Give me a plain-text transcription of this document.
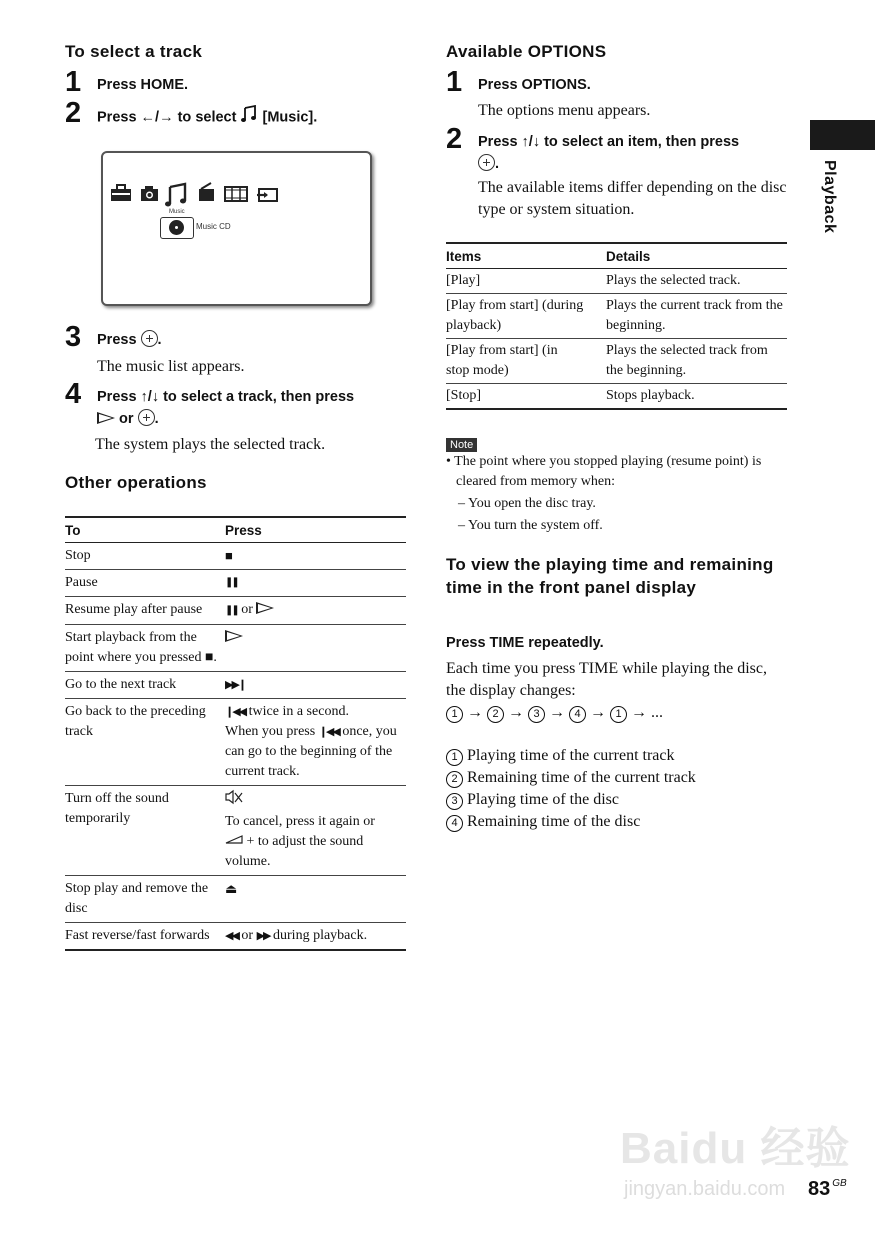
To select a track
1 Press HOME.
2 Press ←/→ to select  [Music].
Music
Music CD
3 Press .
The music list appears.
4 Press ↑/↓ to select a track, then press
or .
The system plays the selected track.
Other operations
To	Press
Stop	■
Pause	❚❚
Resume play after pause	❚❚ or
Start playback from the point where you pressed ■.	
Go to the next track	▶▶❙
Go back to the preceding track	❙◀◀ twice in a second.
When you press ❙◀◀ once, you can go to the beginning of the current track.
Turn off the sound temporarily	To cancel, press it again or
+ to adjust the sound volume.
Stop play and remove the disc	⏏
Fast reverse/fast forwards	◀◀ or ▶▶ during playback.
Available OPTIONS
1 Press OPTIONS.
The options menu appears.
2 Press ↑/↓ to select an item, then press
.
The available items differ depending on the disc type or system situation.
Items	Details
[Play]	Plays the selected track.
[Play from start] (during playback)	Plays the current track from the beginning.
[Play from start] (in stop mode)	Plays the selected track from the beginning.
[Stop]	Stops playback.
Note
• The point where you stopped playing (resume point) is cleared from memory when:
– You open the disc tray.
– You turn the system off.
To view the playing time and remaining time in the front panel display
Press TIME repeatedly.
Each time you press TIME while playing the disc, the display changes:
1 → 2 → 3 → 4 → 1 → ...
1 Playing time of the current track
2 Remaining time of the current track
3 Playing time of the disc
4 Remaining time of the disc
Playback
Baidu 经验
jingyan.baidu.com 83 $^{GB}$
